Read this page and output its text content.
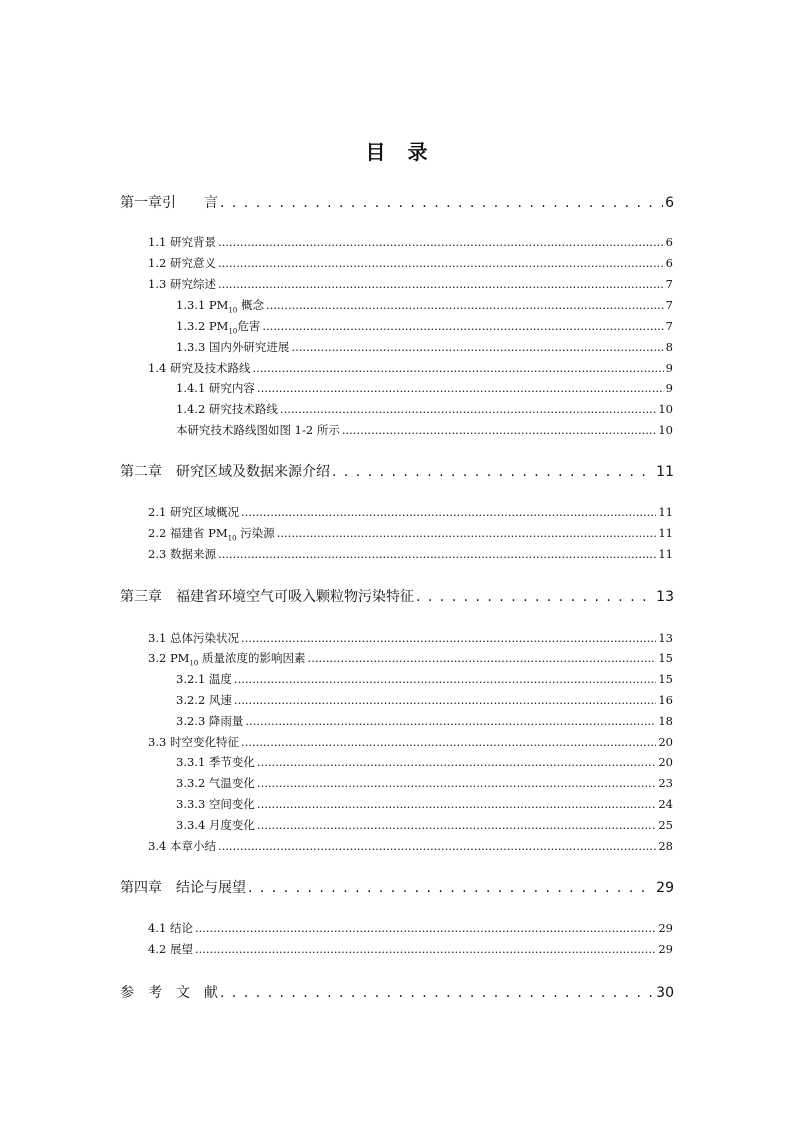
目 录
第一章引　　言 . . .	6
1.1 研究背景 .....	6
1.2 研究意义 .....	6
1.3 研究综述 .....	7
1.3.1 $PM_{10}$ 概念 .....	7
1.3.2 $PM_{10}$危害 .....	7
1.3.3 国内外研究进展 .....	8
1.4 研究及技术路线 .....	9
1.4.1 研究内容 .....	9
1.4.2 研究技术路线 .....	10
本研究技术路线图如图 1-2 所示 .....	10
第二章　研究区域及数据来源介绍 . . .	11
2.1 研究区域概况 .....	11
2.2 福建省 $PM_{10}$ 污染源 .....	11
2.3 数据来源 .....	11
第三章　福建省环境空气可吸入颗粒物污染特征 . . .	13
3.1 总体污染状况 .....	13
3.2 $PM_{10}$ 质量浓度的影响因素 .....	15
3.2.1 温度 .....	15
3.2.2 风速 .....	16
3.2.3 降雨量 .....	18
3.3 时空变化特征 .....	20
3.3.1 季节变化 .....	20
3.3.2 气温变化 .....	23
3.3.3 空间变化 .....	24
3.3.4 月度变化 .....	25
3.4 本章小结 .....	28
第四章　结论与展望 . . .	29
4.1 结论 .....	29
4.2 展望 .....	29
参　考　文　献 . . .	30
